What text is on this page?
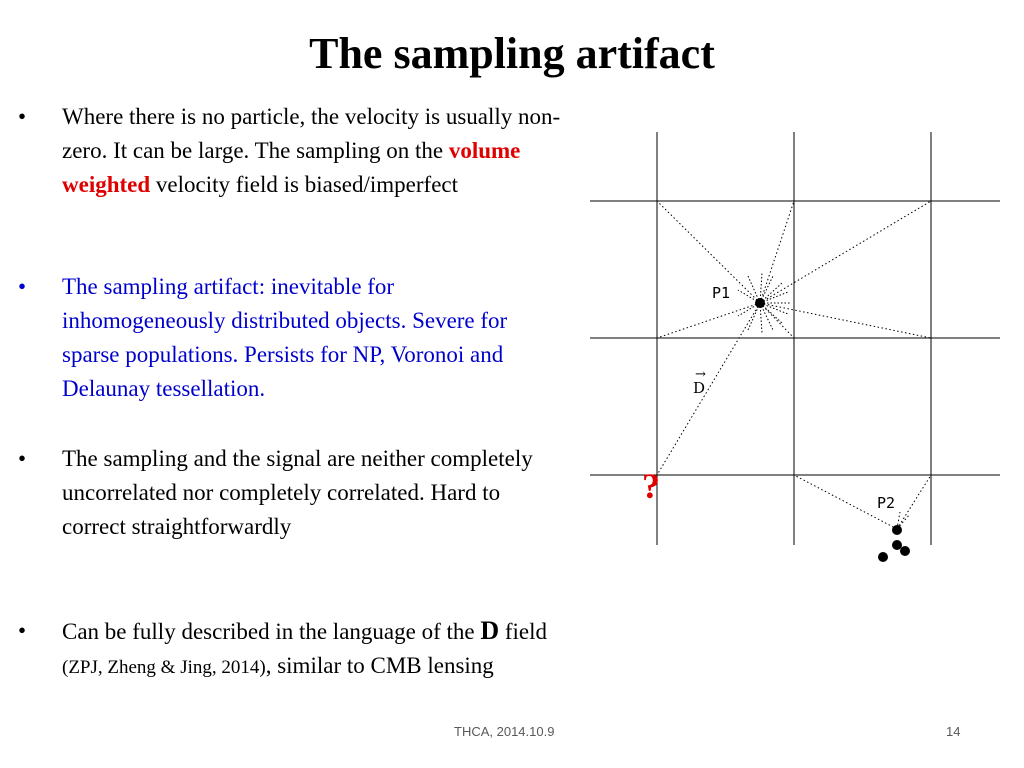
The sampling artifact
• Where there is no particle, the velocity is usually non-zero. It can be large. The sampling on the volume weighted velocity field is biased/imperfect
• The sampling artifact: inevitable for inhomogeneously distributed objects. Severe for sparse populations. Persists for NP, Voronoi and Delaunay tessellation.
• The sampling and the signal are neither completely uncorrelated nor completely correlated. Hard to correct straightforwardly
• Can be fully described in the language of the D field (ZPJ, Zheng & Jing, 2014), similar to CMB lensing
P1
→
D
?	P2
THCA, 2014.10.9	14
